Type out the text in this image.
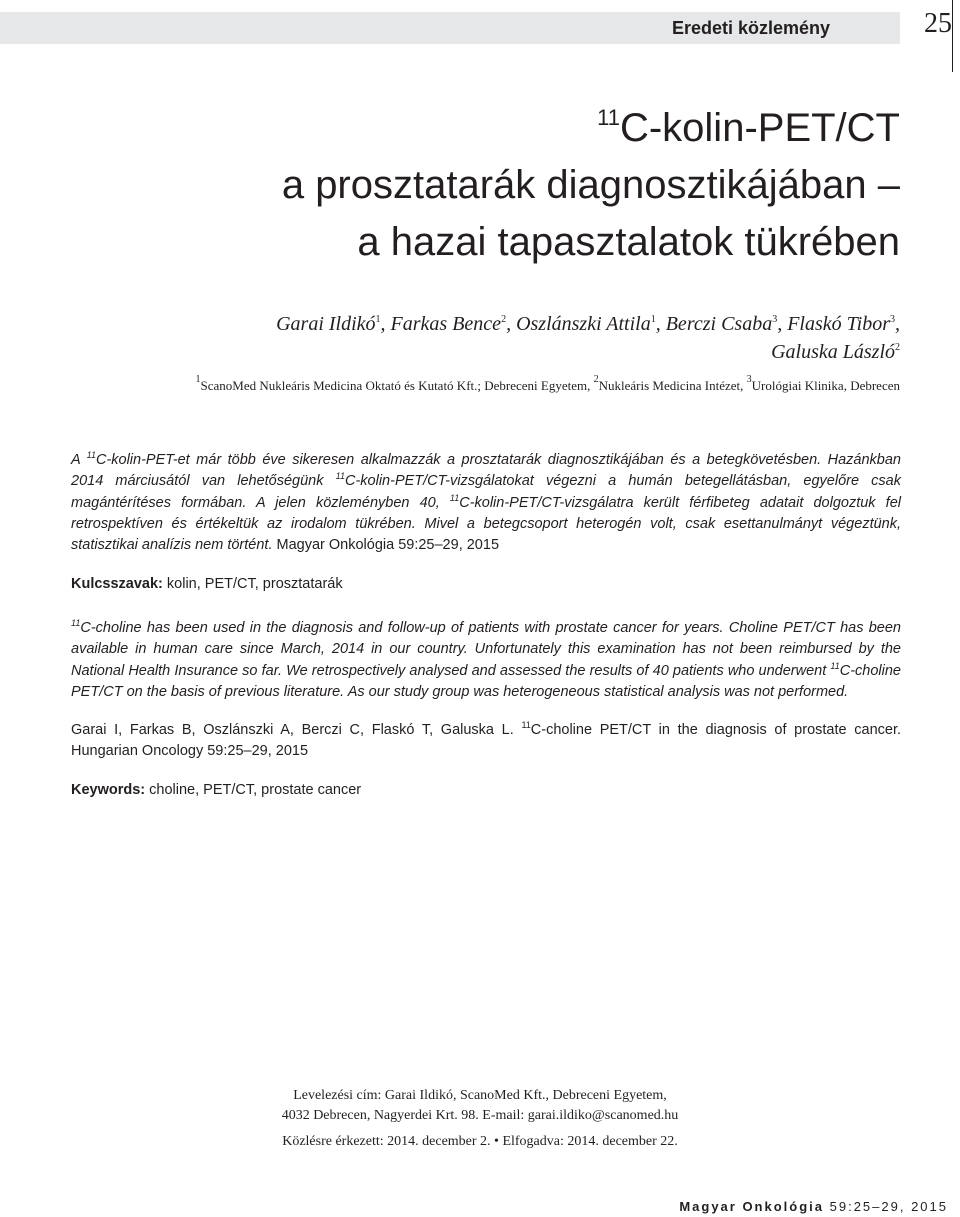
Eredeti közlemény	25
$^{11}$C-kolin-PET/CT
a prosztatarák diagnosztikájában –
a hazai tapasztalatok tükrében
Garai Ildikó$^1$, Farkas Bence$^2$, Oszlánszki Attila$^1$, Berczi Csaba$^3$, Flaskó Tibor$^3$,
Galuska László$^2$
$^1$ScanoMed Nukleáris Medicina Oktató és Kutató Kft.; Debreceni Egyetem, $^2$Nukleáris Medicina Intézet, $^3$Urológiai Klinika, Debrecen
A $^{11}$C-kolin-PET-et már több éve sikeresen alkalmazzák a prosztatarák diagnosztikájában és a betegkövetésben. Hazánkban 2014 márciusától van lehetőségünk $^{11}$C-kolin-PET/CT-vizsgálatokat végezni a humán betegellátásban, egyelőre csak magántérítéses formában. A jelen közleményben 40, $^{11}$C-kolin-PET/CT-vizsgálatra került férfibeteg adatait dolgoztuk fel retrospektíven és értékeltük az irodalom tükrében. Mivel a betegcsoport heterogén volt, csak esettanulmányt végeztünk, statisztikai analízis nem történt. Magyar Onkológia 59:25–29, 2015
Kulcsszavak: kolin, PET/CT, prosztatarák
$^{11}$C-choline has been used in the diagnosis and follow-up of patients with prostate cancer for years. Choline PET/CT has been available in human care since March, 2014 in our country. Unfortunately this examination has not been reimbursed by the National Health Insurance so far. We retrospectively analysed and assessed the results of 40 patients who underwent $^{11}$C-choline PET/CT on the basis of previous literature. As our study group was heterogeneous statistical analysis was not performed.
Garai I, Farkas B, Oszlánszki A, Berczi C, Flaskó T, Galuska L. $^{11}$C-choline PET/CT in the diagnosis of prostate cancer. Hungarian Oncology 59:25–29, 2015
Keywords: choline, PET/CT, prostate cancer
Levelezési cím: Garai Ildikó, ScanoMed Kft., Debreceni Egyetem,
4032 Debrecen, Nagyerdei Krt. 98. E-mail: garai.ildiko@scanomed.hu
Közlésre érkezett: 2014. december 2. • Elfogadva: 2014. december 22.
Magyar Onkológia 59:25–29, 2015
